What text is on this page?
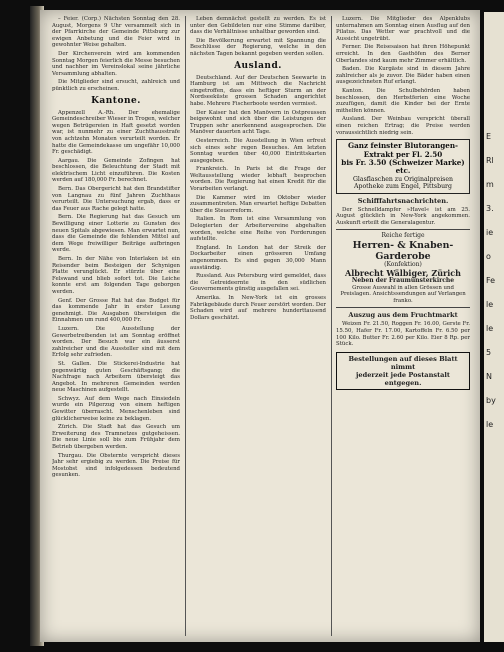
– Feier. (Corp.) Nächsten Sonntag den 28. August, Morgens 9 Uhr versammelt sich in der Pfarrkirche der Gemeinde Pittsburg zur ewigen Anbetung und die Feier wird in gewohnter Weise gehalten.

Der Kirchenverein wird am kommenden Sonntag Morgen feierlich die Messe besuchen und nachher im Vereinslokal seine jährliche Versammlung abhalten.

Die Mitglieder sind ersucht, zahlreich und pünktlich zu erscheinen.

Kantone.

Appenzell A.-Rh. Der ehemalige Gemeindeschreiber Wieser in Trogen, welcher wegen Betrügereien in Haft gesetzt worden war, ist nunmehr zu einer Zuchthausstrafe von achtzehn Monaten verurteilt worden. Er hatte die Gemeindekasse um ungefähr 10,000 Fr. geschädigt.

Aargau. Die Gemeinde Zofingen hat beschlossen, die Beleuchtung der Stadt mit elektrischem Licht einzuführen. Die Kosten werden auf 180,000 Fr. berechnet.

Bern. Das Obergericht hat den Brandstifter von Langnau zu fünf Jahren Zuchthaus verurteilt. Die Untersuchung ergab, dass er das Feuer aus Rache gelegt hatte.

Bern. Die Regierung hat das Gesuch um Bewilligung einer Lotterie zu Gunsten des neuen Spitals abgewiesen. Man erwartet nun, dass die Gemeinde die fehlenden Mittel auf dem Wege freiwilliger Beiträge aufbringen werde.

Bern. In der Nähe von Interlaken ist ein Reisender beim Besteigen der Schynigen Platte verunglückt. Er stürzte über eine Felswand und blieb sofort tot. Die Leiche konnte erst am folgenden Tage geborgen werden.

Genf. Der Grosse Rat hat das Budget für das kommende Jahr in erster Lesung genehmigt. Die Ausgaben übersteigen die Einnahmen um rund 400,000 Fr.

Luzern. Die Ausstellung der Gewerbetreibenden ist am Sonntag eröffnet worden. Der Besuch war ein äusserst zahlreicher und die Aussteller sind mit dem Erfolg sehr zufrieden.

St. Gallen. Die Stickerei-Industrie hat gegenwärtig guten Geschäftsgang; die Nachfrage nach Arbeitern übersteigt das Angebot. In mehreren Gemeinden werden neue Maschinen aufgestellt.

Schwyz. Auf dem Wege nach Einsiedeln wurde ein Pilgerzug von einem heftigen Gewitter überrascht. Menschenleben sind glücklicherweise keine zu beklagen.

Zürich. Die Stadt hat das Gesuch um Erweiterung des Tramnetzes gutgeheissen. Die neue Linie soll bis zum Frühjahr dem Betrieb übergeben werden.

Thurgau. Die Obsternte verspricht dieses Jahr sehr ergiebig zu werden. Die Preise für Mostobst sind infolgedessen bedeutend gesunken.

Leben demnächst gestellt zu werden. Es ist unter den Gebildeten nur eine Stimme darüber, dass die Verhältnisse unhaltbar geworden sind.

Die Bevölkerung erwartet mit Spannung die Beschlüsse der Regierung, welche in den nächsten Tagen bekannt gegeben werden sollen.

Ausland.

Deutschland. Auf der Deutschen Seewarte in Hamburg ist am Mittwoch die Nachricht eingetroffen, dass ein heftiger Sturm an der Nordseeküste grossen Schaden angerichtet habe. Mehrere Fischerboote werden vermisst.

Der Kaiser hat den Manövern in Ostpreussen beigewohnt und sich über die Leistungen der Truppen sehr anerkennend ausgesprochen. Die Manöver dauerten acht Tage.

Oesterreich. Die Ausstellung in Wien erfreut sich eines sehr regen Besuches. Am letzten Sonntag wurden über 40,000 Eintrittskarten ausgegeben.

Frankreich. In Paris ist die Frage der Weltausstellung wieder lebhaft besprochen worden. Die Regierung hat einen Kredit für die Vorarbeiten verlangt.

Die Kammer wird im Oktober wieder zusammentreten. Man erwartet heftige Debatten über die Steuerreform.

Italien. In Rom ist eine Versammlung von Delegierten der Arbeitervereine abgehalten worden, welche eine Reihe von Forderungen aufstellte.

England. In London hat der Streik der Dockarbeiter einen grösseren Umfang angenommen. Es sind gegen 30,000 Mann ausständig.

Russland. Aus Petersburg wird gemeldet, dass die Getreideernte in den südlichen Gouvernements günstig ausgefallen sei.

Amerika. In New-York ist ein grosses Fabrikgebäude durch Feuer zerstört worden. Der Schaden wird auf mehrere hunderttausend Dollars geschätzt.

Luzern. Die Mitglieder des Alpenklubs unternahmen am Sonntag einen Ausflug auf den Pilatus. Das Wetter war prachtvoll und die Aussicht ungetrübt.

Ferner. Die Reisesaison hat ihren Höhepunkt erreicht. In den Gasthöfen des Berner Oberlandes sind kaum mehr Zimmer erhältlich.

Baden. Die Kurgäste sind in diesem Jahre zahlreicher als je zuvor. Die Bäder haben einen ausgezeichneten Ruf erlangt.

Kanton. Die Schulbehörden haben beschlossen, den Herbstferien eine Woche zuzufügen, damit die Kinder bei der Ernte mithelfen können.

Ausland. Der Weinbau verspricht überall einen reichen Ertrag; die Preise werden voraussichtlich niedrig sein.

Ganz feinster Blutorangen-Extrakt per Fl. 2.50
bis Fr. 3.50 (Schweizer Marke) etc.
Glasflaschen zu Originalpreisen
Apotheke zum Engel, Pittsburg
Schifffahrtsnachrichten.

Der Schnelldampfer »Havel« ist am 25. August glücklich in New-York angekommen. Auskunft erteilt die Generalagentur.

Reiche fertige
Herren- & Knaben-Garderobe
(Konfektion)
Albrecht Wälbiger, Zürich
Neben der Fraumünsterkirche
Grosse Auswahl in allen Grössen und Preislagen. Ansichtssendungen auf Verlangen franko.
Auszug aus dem Fruchtmarkt

Weizen Fr. 21.50, Roggen Fr. 16.00, Gerste Fr. 15.50, Hafer Fr. 17.00, Kartoffeln Fr. 6.50 per 100 Kilo. Butter Fr. 2.60 per Kilo. Eier 8 Rp. per Stück.

Bestellungen auf dieses Blatt nimmt
jederzeit jede Postanstalt entgegen.
E
Rl
m
3.
ie
o
Fe
le
le
5
N
by
le
